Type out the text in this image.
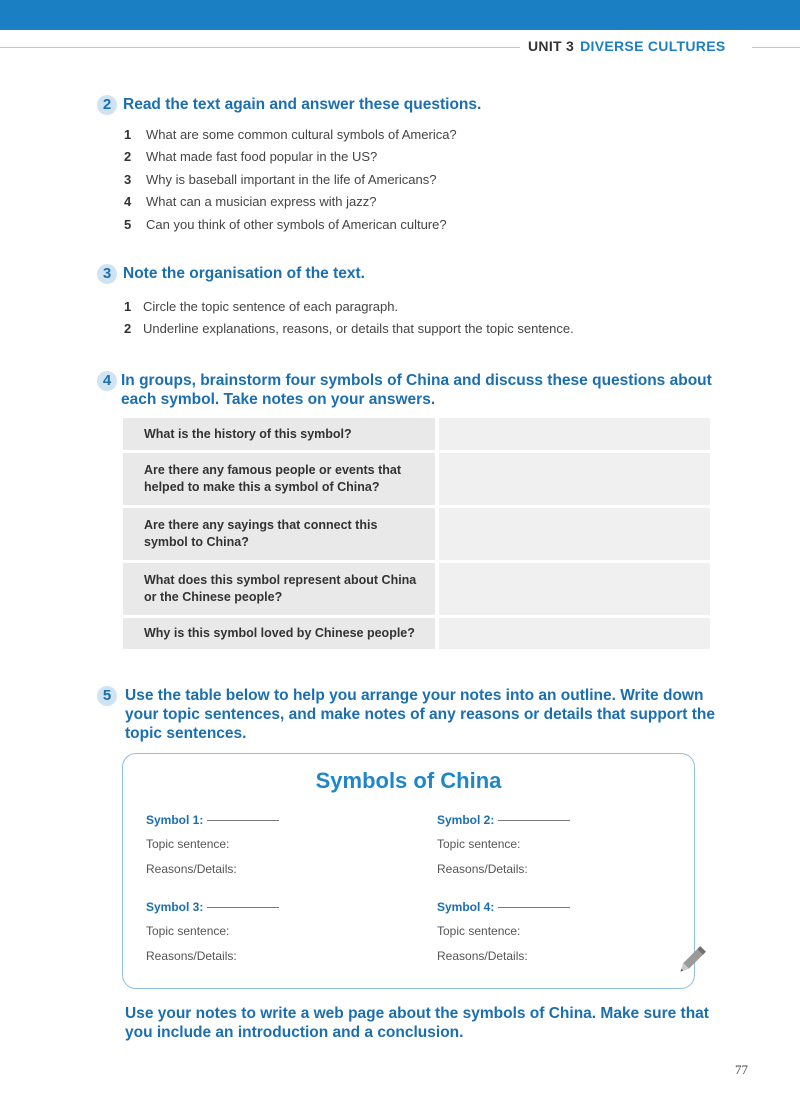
UNIT 3 DIVERSE CULTURES
2 Read the text again and answer these questions.
1	What are some common cultural symbols of America?
2	What made fast food popular in the US?
3	Why is baseball important in the life of Americans?
4	What can a musician express with jazz?
5	Can you think of other symbols of American culture?
3 Note the organisation of the text.
1 Circle the topic sentence of each paragraph.
2 Underline explanations, reasons, or details that support the topic sentence.
4 In groups, brainstorm four symbols of China and discuss these questions about each symbol. Take notes on your answers.
What is the history of this symbol?
Are there any famous people or events that helped to make this a symbol of China?
Are there any sayings that connect this symbol to China?
What does this symbol represent about China or the Chinese people?
Why is this symbol loved by Chinese people?
5 Use the table below to help you arrange your notes into an outline. Write down your topic sentences, and make notes of any reasons or details that support the topic sentences.
Symbols of China
Symbol 1:
Topic sentence:
Reasons/Details:
Symbol 2:
Topic sentence:
Reasons/Details:
Symbol 3:
Topic sentence:
Reasons/Details:
Symbol 4:
Topic sentence:
Reasons/Details:
Use your notes to write a web page about the symbols of China. Make sure that you include an introduction and a conclusion.
77
